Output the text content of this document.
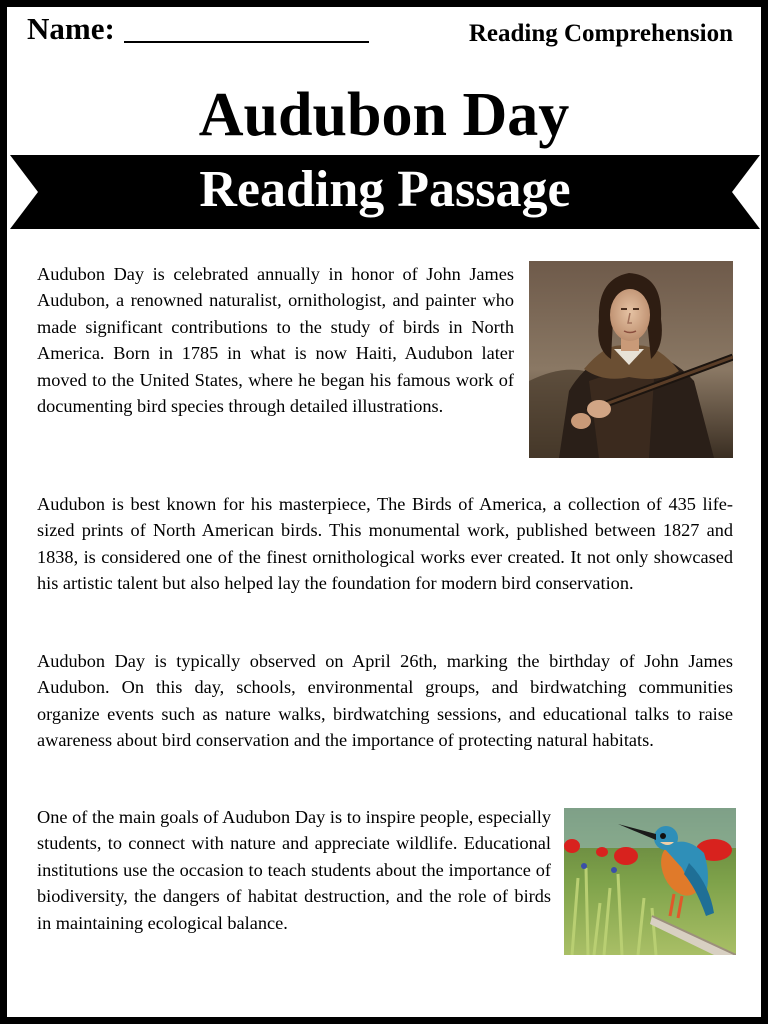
Name:	Reading Comprehension
Audubon Day
Reading Passage

Audubon Day is celebrated annually in honor of John James Audubon, a renowned naturalist, ornithologist, and painter who made significant contributions to the study of birds in North America. Born in 1785 in what is now Haiti, Audubon later moved to the United States, where he began his famous work of documenting bird species through detailed illustrations.

Audubon is best known for his masterpiece, The Birds of America, a collection of 435 life-sized prints of North American birds. This monumental work, published between 1827 and 1838, is considered one of the finest ornithological works ever created. It not only showcased his artistic talent but also helped lay the foundation for modern bird conservation.

Audubon Day is typically observed on April 26th, marking the birthday of John James Audubon. On this day, schools, environmental groups, and birdwatching communities organize events such as nature walks, birdwatching sessions, and educational talks to raise awareness about bird conservation and the importance of protecting natural habitats.

One of the main goals of Audubon Day is to inspire people, especially students, to connect with nature and appreciate wildlife. Educational institutions use the occasion to teach students about the importance of biodiversity, the dangers of habitat destruction, and the role of birds in maintaining ecological balance.
